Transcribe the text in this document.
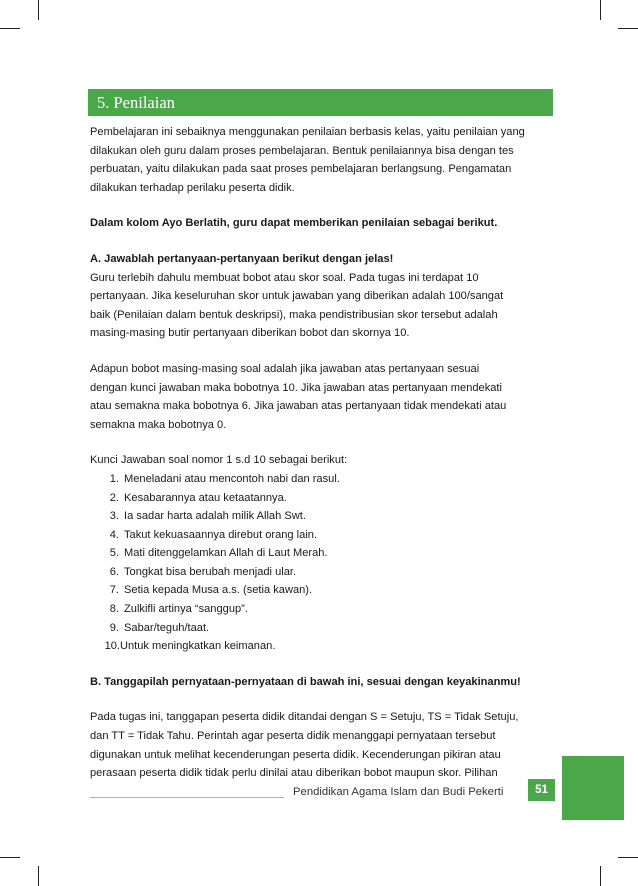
5. Penilaian

Pembelajaran ini sebaiknya menggunakan penilaian berbasis kelas, yaitu penilaian yang

dilakukan oleh guru dalam proses pembelajaran. Bentuk penilaiannya bisa dengan tes

perbuatan, yaitu dilakukan pada saat proses pembelajaran berlangsung. Pengamatan

dilakukan terhadap perilaku peserta didik.

Dalam kolom Ayo Berlatih, guru dapat memberikan penilaian sebagai berikut.

A. Jawablah pertanyaan-pertanyaan berikut dengan jelas!

Guru terlebih dahulu membuat bobot atau skor soal. Pada tugas ini terdapat 10

pertanyaan. Jika keseluruhan skor untuk jawaban yang diberikan adalah 100/sangat

baik (Penilaian dalam bentuk deskripsi), maka pendistribusian skor tersebut adalah

masing-masing butir pertanyaan diberikan bobot dan skornya 10.

Adapun bobot masing-masing soal adalah jika jawaban atas pertanyaan sesuai

dengan kunci jawaban maka bobotnya 10. Jika jawaban atas pertanyaan mendekati

atau semakna maka bobotnya 6. Jika jawaban atas pertanyaan tidak mendekati atau

semakna maka bobotnya 0.

Kunci Jawaban soal nomor 1 s.d 10 sebagai berikut:

1. Meneladani atau mencontoh nabi dan rasul.
2. Kesabarannya atau ketaatannya.
3. Ia sadar harta adalah milik Allah Swt.
4. Takut kekuasaannya direbut orang lain.
5. Mati ditenggelamkan Allah di Laut Merah.
6. Tongkat bisa berubah menjadi ular.
7. Setia kepada Musa a.s. (setia kawan).
8. Zulkifli artinya “sanggup”.
9. Sabar/teguh/taat.
10. Untuk meningkatkan keimanan.

B. Tanggapilah pernyataan-pernyataan di bawah ini, sesuai dengan keyakinanmu!

Pada tugas ini, tanggapan peserta didik ditandai dengan S = Setuju, TS = Tidak Setuju,

dan TT = Tidak Tahu. Perintah agar peserta didik menanggapi pernyataan tersebut

digunakan untuk melihat kecenderungan peserta didik. Kecenderungan pikiran atau

perasaan peserta didik tidak perlu dinilai atau diberikan bobot maupun skor. Pilihan

Pendidikan Agama Islam dan Budi Pekerti	51
